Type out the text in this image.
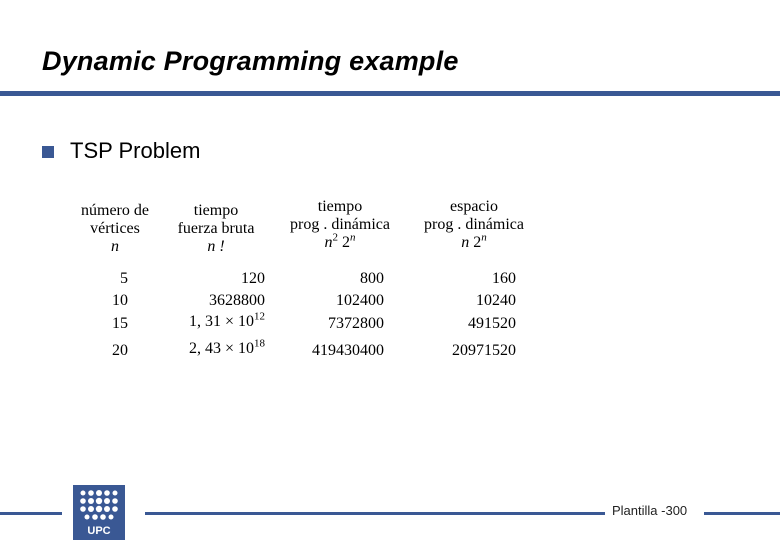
Dynamic Programming example
TSP Problem
número de
vértices
n
tiempo
fuerza bruta
n !
tiempo
prog . dinámica
$n^2$ 2$^n$
espacio
prog . dinámica
n 2$^n$
5
10
15
20
120
3628800
1, $31 \times 10^{12}$
2, $43 \times 10^{18}$
800
102400
7372800
419430400
160
10240
491520
20971520
UPC
Plantilla -300
